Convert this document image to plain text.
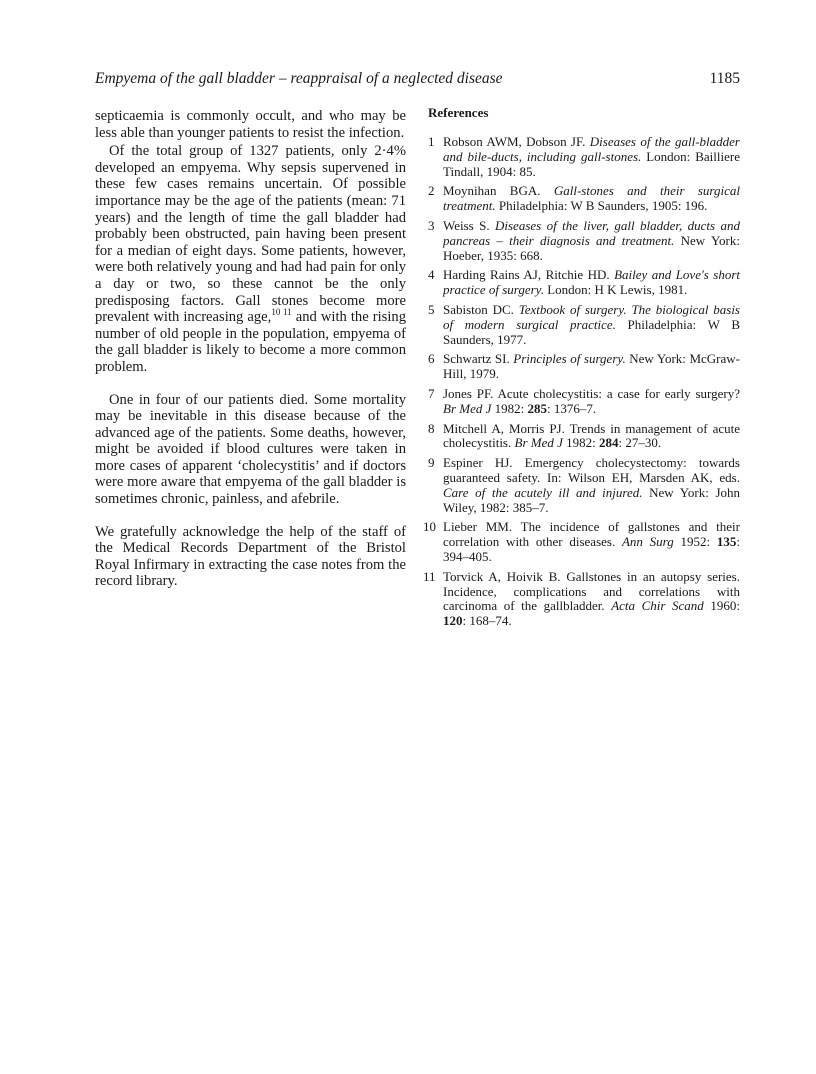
Empyema of the gall bladder – reappraisal of a neglected disease	1185

septicaemia is commonly occult, and who may be less able than younger patients to resist the infection.

Of the total group of 1327 patients, only 2·4% developed an empyema. Why sepsis supervened in these few cases remains uncertain. Of possible importance may be the age of the patients (mean: 71 years) and the length of time the gall bladder had probably been obstructed, pain having been present for a median of eight days. Some patients, however, were both relatively young and had had pain for only a day or two, so these cannot be the only predisposing factors. Gall stones become more prevalent with increasing age,$^{10 11}$ and with the rising number of old people in the population, empyema of the gall bladder is likely to become a more common problem.

One in four of our patients died. Some mortality may be inevitable in this disease because of the advanced age of the patients. Some deaths, however, might be avoided if blood cultures were taken in more cases of apparent ‘cholecystitis’ and if doctors were more aware that empyema of the gall bladder is sometimes chronic, painless, and afebrile.

We gratefully acknowledge the help of the staff of the Medical Records Department of the Bristol Royal Infirmary in extracting the case notes from the record library.

References
1 Robson AWM, Dobson JF. Diseases of the gall-bladder and bile-ducts, including gall-stones. London: Bailliere Tindall, 1904: 85.
2 Moynihan BGA. Gall-stones and their surgical treatment. Philadelphia: W B Saunders, 1905: 196.
3 Weiss S. Diseases of the liver, gall bladder, ducts and pancreas – their diagnosis and treatment. New York: Hoeber, 1935: 668.
4 Harding Rains AJ, Ritchie HD. Bailey and Love's short practice of surgery. London: H K Lewis, 1981.
5 Sabiston DC. Textbook of surgery. The biological basis of modern surgical practice. Philadelphia: W B Saunders, 1977.
6 Schwartz SI. Principles of surgery. New York: McGraw-Hill, 1979.
7 Jones PF. Acute cholecystitis: a case for early surgery? Br Med J 1982: 285: 1376–7.
8 Mitchell A, Morris PJ. Trends in management of acute cholecystitis. Br Med J 1982: 284: 27–30.
9 Espiner HJ. Emergency cholecystectomy: towards guaranteed safety. In: Wilson EH, Marsden AK, eds. Care of the acutely ill and injured. New York: John Wiley, 1982: 385–7.
10 Lieber MM. The incidence of gallstones and their correlation with other diseases. Ann Surg 1952: 135: 394–405.
11 Torvick A, Hoivik B. Gallstones in an autopsy series. Incidence, complications and correlations with carcinoma of the gallbladder. Acta Chir Scand 1960: 120: 168–74.
